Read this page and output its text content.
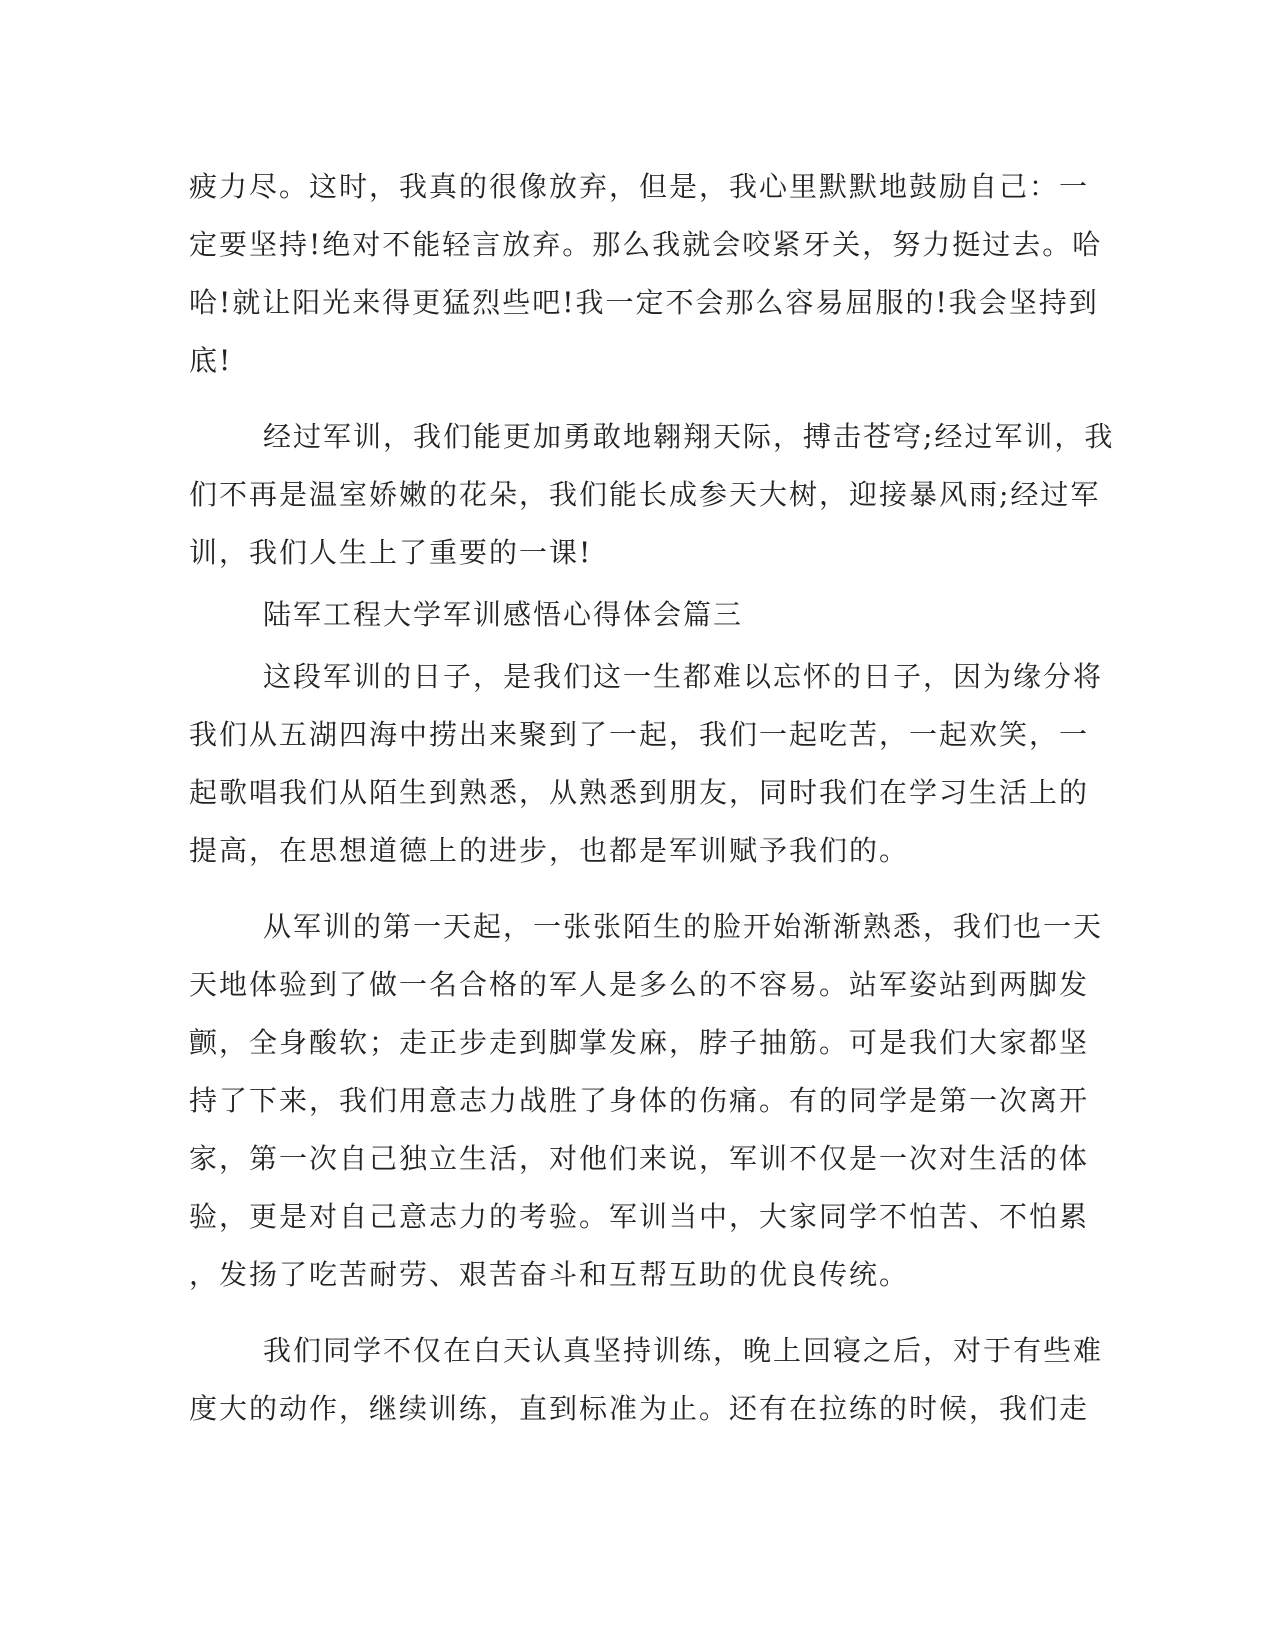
疲力尽。这时，我真的很像放弃，但是，我心里默默地鼓励自己：一
定要坚持!绝对不能轻言放弃。那么我就会咬紧牙关，努力挺过去。哈
哈!就让阳光来得更猛烈些吧!我一定不会那么容易屈服的!我会坚持到
底!
经过军训，我们能更加勇敢地翱翔天际，搏击苍穹;经过军训，我
们不再是温室娇嫩的花朵，我们能长成参天大树，迎接暴风雨;经过军
训，我们人生上了重要的一课!
陆军工程大学军训感悟心得体会篇三
这段军训的日子，是我们这一生都难以忘怀的日子，因为缘分将
我们从五湖四海中捞出来聚到了一起，我们一起吃苦，一起欢笑，一
起歌唱我们从陌生到熟悉，从熟悉到朋友，同时我们在学习生活上的
提高，在思想道德上的进步，也都是军训赋予我们的。
从军训的第一天起，一张张陌生的脸开始渐渐熟悉，我们也一天
天地体验到了做一名合格的军人是多么的不容易。站军姿站到两脚发
颤，全身酸软；走正步走到脚掌发麻，脖子抽筋。可是我们大家都坚
持了下来，我们用意志力战胜了身体的伤痛。有的同学是第一次离开
家，第一次自己独立生活，对他们来说，军训不仅是一次对生活的体
验，更是对自己意志力的考验。军训当中，大家同学不怕苦、不怕累
，发扬了吃苦耐劳、艰苦奋斗和互帮互助的优良传统。
我们同学不仅在白天认真坚持训练，晚上回寝之后，对于有些难
度大的动作，继续训练，直到标准为止。还有在拉练的时候，我们走
